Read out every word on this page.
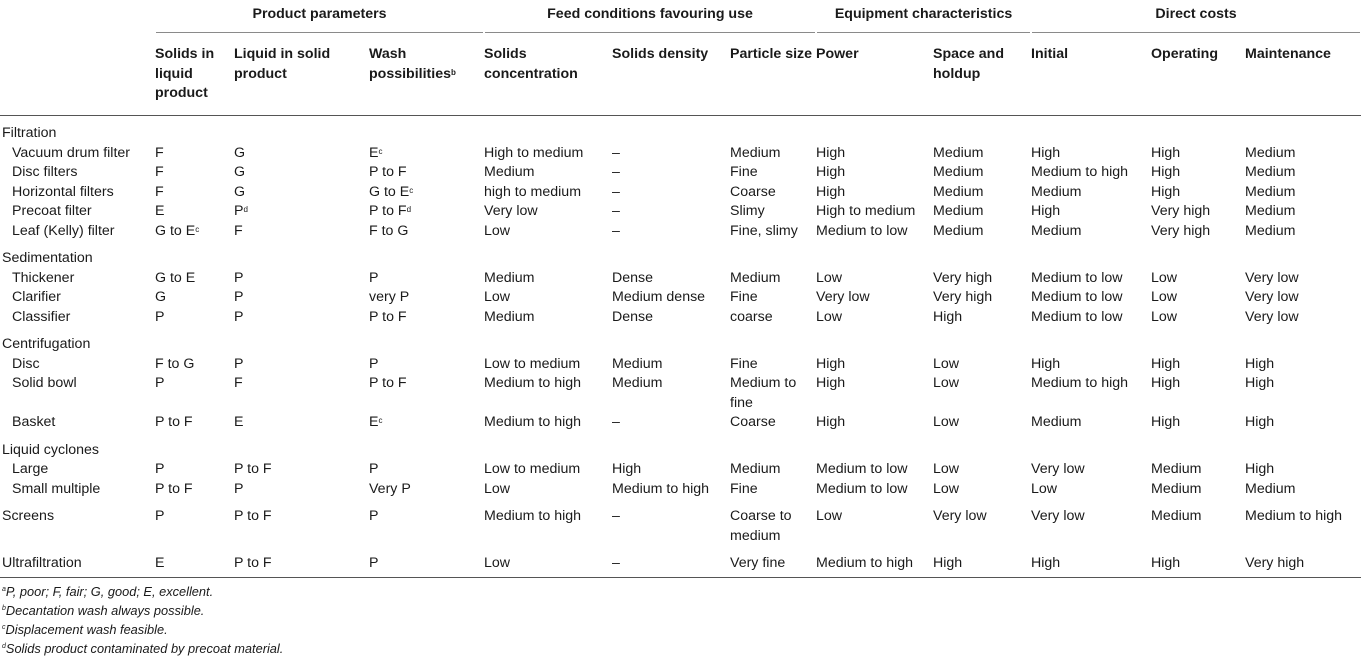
	Product parameters			Feed conditions favouring use			Equipment characteristics		Direct costs		

	Solids in liquid product	Liquid in solid product	Wash possibilities$^b$	Solids concentration	Solids density	Particle size	Power	Space and holdup	Initial	Operating	Maintenance
Filtration											
Vacuum drum filter	F	G	$E^c$	High to medium	–	Medium	High	Medium	High	High	Medium
Disc filters	F	G	P to F	Medium	–	Fine	High	Medium	Medium to high	High	Medium
Horizontal filters	F	G	G to $E^c$	high to medium	–	Coarse	High	Medium	Medium	High	Medium
Precoat filter	E	$P^d$	P to $F^d$	Very low	–	Slimy	High to medium	Medium	High	Very high	Medium
Leaf (Kelly) filter	G to $E^c$	F	F to G	Low	–	Fine, slimy	Medium to low	Medium	Medium	Very high	Medium
Sedimentation											
Thickener	G to E	P	P	Medium	Dense	Medium	Low	Very high	Medium to low	Low	Very low
Clarifier	G	P	very P	Low	Medium dense	Fine	Very low	Very high	Medium to low	Low	Very low
Classifier	P	P	P to F	Medium	Dense	coarse	Low	High	Medium to low	Low	Very low
Centrifugation											
Disc	F to G	P	P	Low to medium	Medium	Fine	High	Low	High	High	High
Solid bowl	P	F	P to F	Medium to high	Medium	Medium to fine	High	Low	Medium to high	High	High
Basket	P to F	E	$E^c$	Medium to high	–	Coarse	High	Low	Medium	High	High
Liquid cyclones											
Large	P	P to F	P	Low to medium	High	Medium	Medium to low	Low	Very low	Medium	High
Small multiple	P to F	P	Very P	Low	Medium to high	Fine	Medium to low	Low	Low	Medium	Medium
Screens	P	P to F	P	Medium to high	–	Coarse to medium	Low	Very low	Very low	Medium	Medium to high
Ultrafiltration	E	P to F	P	Low	–	Very fine	Medium to high	High	High	High	Very high
$^a$P, poor; F, fair; G, good; E, excellent.
$^b$Decantation wash always possible.
$^c$Displacement wash feasible.
$^d$Solids product contaminated by precoat material.
